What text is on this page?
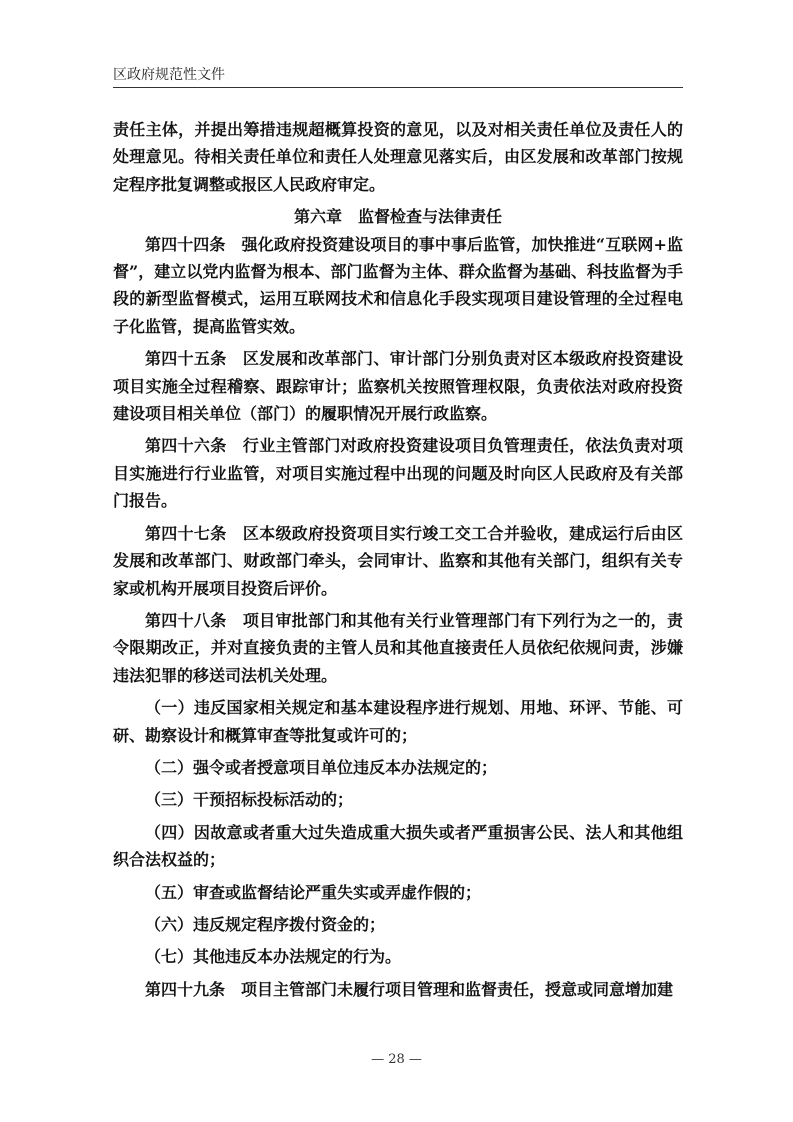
区政府规范性文件

责任主体，并提出筹措违规超概算投资的意见，以及对相关责任单位及责任人的处理意见。待相关责任单位和责任人处理意见落实后，由区发展和改革部门按规定程序批复调整或报区人民政府审定。

第六章　监督检查与法律责任

第四十四条　强化政府投资建设项目的事中事后监管，加快推进“互联网+监督”，建立以党内监督为根本、部门监督为主体、群众监督为基础、科技监督为手段的新型监督模式，运用互联网技术和信息化手段实现项目建设管理的全过程电子化监管，提高监管实效。

第四十五条　区发展和改革部门、审计部门分别负责对区本级政府投资建设项目实施全过程稽察、跟踪审计；监察机关按照管理权限，负责依法对政府投资建设项目相关单位（部门）的履职情况开展行政监察。

第四十六条　行业主管部门对政府投资建设项目负管理责任，依法负责对项目实施进行行业监管，对项目实施过程中出现的问题及时向区人民政府及有关部门报告。

第四十七条　区本级政府投资项目实行竣工交工合并验收，建成运行后由区发展和改革部门、财政部门牵头，会同审计、监察和其他有关部门，组织有关专家或机构开展项目投资后评价。

第四十八条　项目审批部门和其他有关行业管理部门有下列行为之一的，责令限期改正，并对直接负责的主管人员和其他直接责任人员依纪依规问责，涉嫌违法犯罪的移送司法机关处理。

（一）违反国家相关规定和基本建设程序进行规划、用地、环评、节能、可研、勘察设计和概算审查等批复或许可的；

（二）强令或者授意项目单位违反本办法规定的；

（三）干预招标投标活动的；

（四）因故意或者重大过失造成重大损失或者严重损害公民、法人和其他组织合法权益的；

（五）审查或监督结论严重失实或弄虚作假的；

（六）违反规定程序拨付资金的；

（七）其他违反本办法规定的行为。

第四十九条　项目主管部门未履行项目管理和监督责任，授意或同意增加建

— 28 —
